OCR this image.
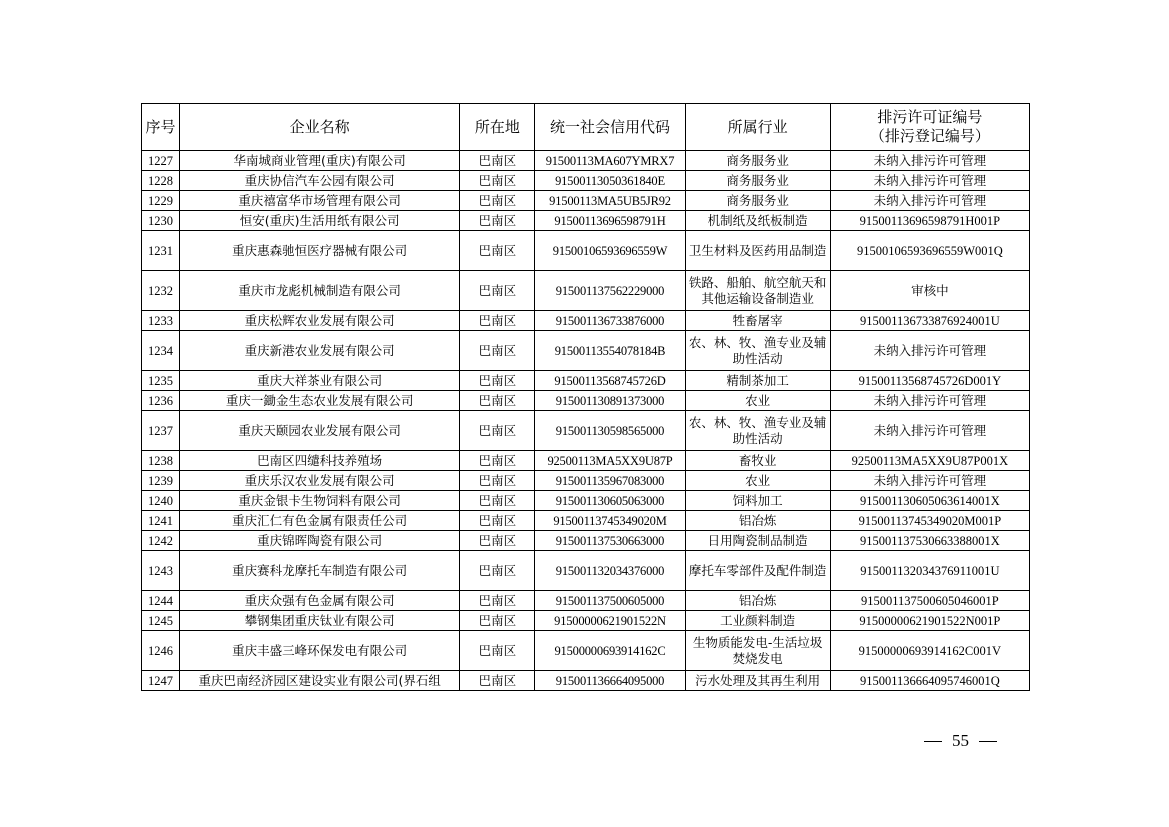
序号	企业名称	所在地	统一社会信用代码	所属行业	排污许可证编号
（排污登记编号）
1227	华南城商业管理(重庆)有限公司	巴南区	91500113MA607YMRX7	商务服务业	未纳入排污许可管理
1228	重庆协信汽车公园有限公司	巴南区	91500113050361840E	商务服务业	未纳入排污许可管理
1229	重庆禧富华市场管理有限公司	巴南区	91500113MA5UB5JR92	商务服务业	未纳入排污许可管理
1230	恒安(重庆)生活用纸有限公司	巴南区	91500113696598791H	机制纸及纸板制造	91500113696598791H001P
1231	重庆惠森驰恒医疗器械有限公司	巴南区	91500106593696559W	卫生材料及医药用品制造	91500106593696559W001Q
1232	重庆市龙彪机械制造有限公司	巴南区	915001137562229000	铁路、船舶、航空航天和其他运输设备制造业	审核中
1233	重庆松辉农业发展有限公司	巴南区	915001136733876000	牲畜屠宰	915001136733876924001U
1234	重庆新港农业发展有限公司	巴南区	91500113554078184B	农、林、牧、渔专业及辅助性活动	未纳入排污许可管理
1235	重庆大祥茶业有限公司	巴南区	91500113568745726D	精制茶加工	91500113568745726D001Y
1236	重庆一鋤金生态农业发展有限公司	巴南区	915001130891373000	农业	未纳入排污许可管理
1237	重庆天颐园农业发展有限公司	巴南区	915001130598565000	农、林、牧、渔专业及辅助性活动	未纳入排污许可管理
1238	巴南区四缱科技养殖场	巴南区	92500113MA5XX9U87P	畜牧业	92500113MA5XX9U87P001X
1239	重庆乐汉农业发展有限公司	巴南区	915001135967083000	农业	未纳入排污许可管理
1240	重庆金银卡生物饲料有限公司	巴南区	915001130605063000	饲料加工	915001130605063614001X
1241	重庆汇仁有色金属有限责任公司	巴南区	91500113745349020M	铝冶炼	91500113745349020M001P
1242	重庆锦晖陶瓷有限公司	巴南区	915001137530663000	日用陶瓷制品制造	915001137530663388001X
1243	重庆赛科龙摩托车制造有限公司	巴南区	915001132034376000	摩托车零部件及配件制造	915001132034376911001U
1244	重庆众强有色金属有限公司	巴南区	915001137500605000	铝冶炼	915001137500605046001P
1245	攀钢集团重庆钛业有限公司	巴南区	91500000621901522N	工业颜料制造	91500000621901522N001P
1246	重庆丰盛三峰环保发电有限公司	巴南区	91500000693914162C	生物质能发电-生活垃圾焚烧发电	91500000693914162C001V
1247	重庆巴南经济园区建设实业有限公司(界石组	巴南区	915001136664095000	污水处理及其再生利用	915001136664095746001Q
55
